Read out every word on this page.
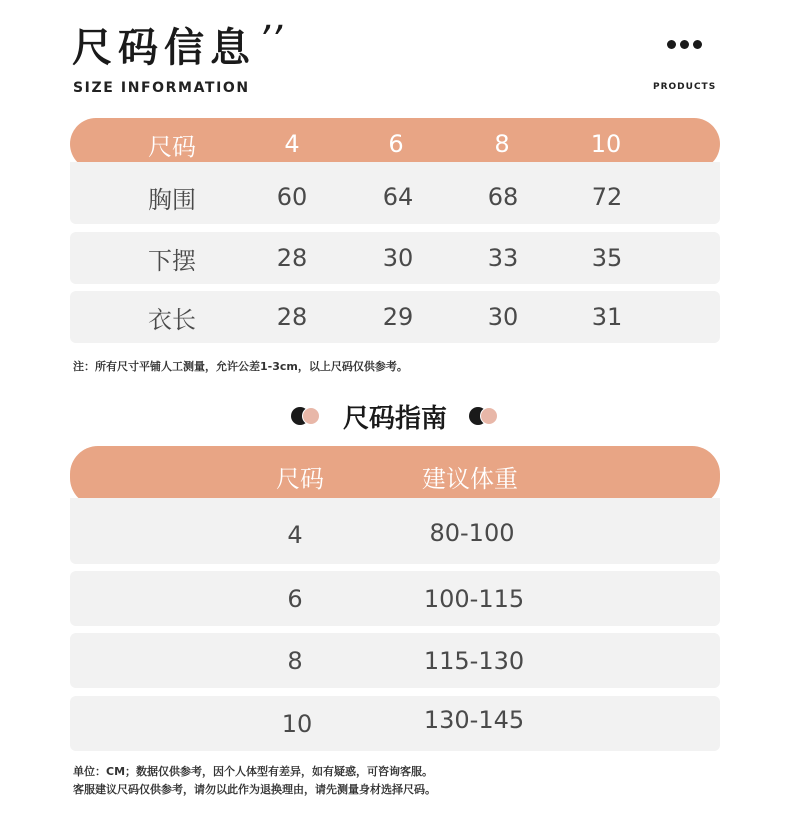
尺码信息 ’’
SIZE INFORMATION	PRODUCTS
尺码	4	6	8	10
胸围	60	64	68	72
下摆	28	30	33	35
衣长	28	29	30	31
注：所有尺寸平铺人工测量，允许公差1-3cm，以上尺码仅供参考。
尺码指南
尺码	建议体重
4	80-100
6	100-115
8	115-130
10	130-145
单位：CM；数据仅供参考，因个人体型有差异，如有疑惑，可咨询客服。
客服建议尺码仅供参考，请勿以此作为退换理由，请先测量身材选择尺码。
